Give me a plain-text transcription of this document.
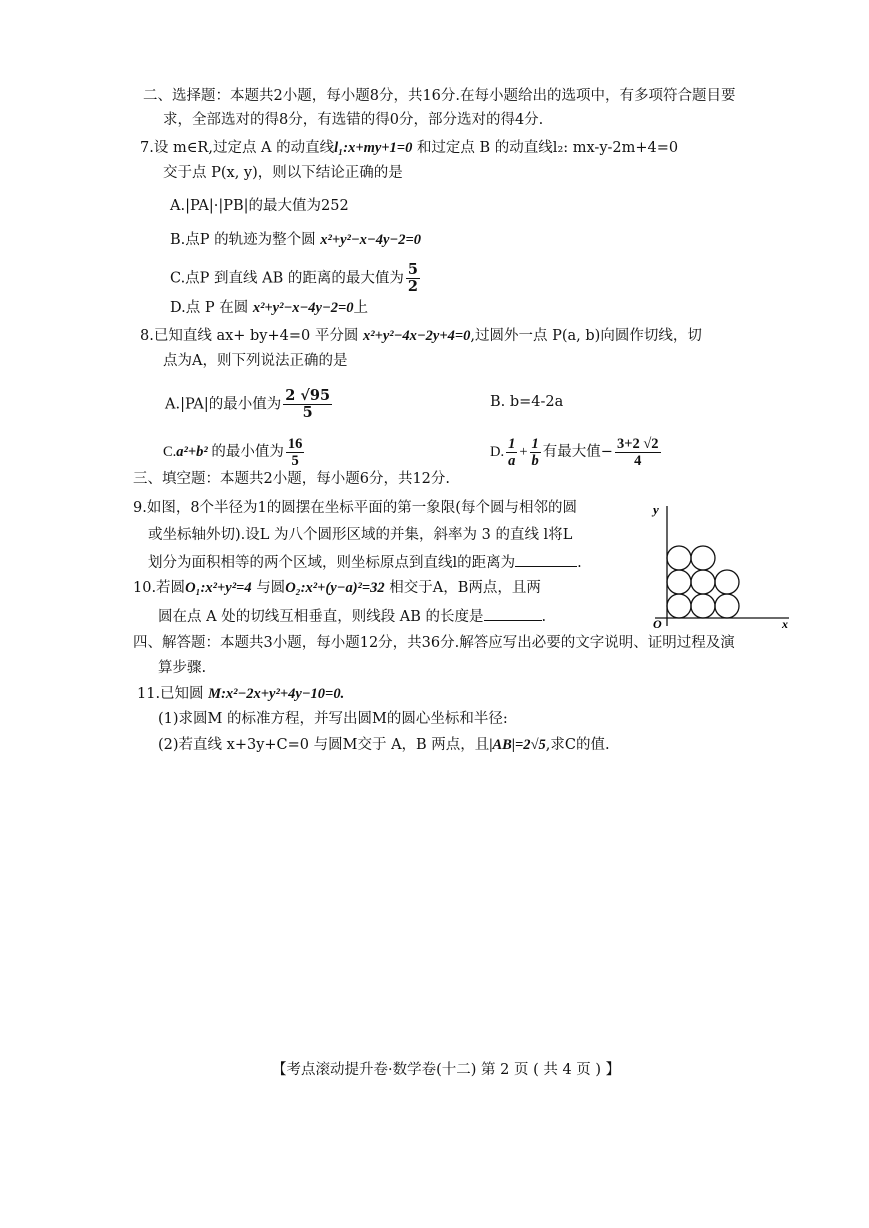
二、选择题：本题共2小题，每小题8分，共16分.在每小题给出的选项中，有多项符合题目要
求，全部选对的得8分，有选错的得0分，部分选对的得4分.
7.设 m∈R,过定点 A 的动直线l₁:x+my+1=0 和过定点 B 的动直线l₂: mx-y-2m+4=0
交于点 P(x, y)，则以下结论正确的是
A.|PA|·|PB|的最大值为252
B.点P 的轨迹为整个圆 x²+y²−x−4y−2=0
C.点P 到直线 AB 的距离的最大值为 $\frac{5}{2}$
D.点 P 在圆 x²+y²−x−4y−2=0上
8.已知直线 ax+ by+4=0 平分圆 x²+y²−4x−2y+4=0,过圆外一点 P(a, b)向圆作切线，切
点为A，则下列说法正确的是
A.|PA|的最小值为 $\frac{2 √95}{5}$	B. b=4-2a
C.a²+b² 的最小值为 $\frac{16}{5}$	D. $\frac{1}{a} + \frac{1}{b}$ 有最大值− $\frac{3+2 √2}{4}$
三、填空题：本题共2小题，每小题6分，共12分.
9.如图，8个半径为1的圆摆在坐标平面的第一象限(每个圆与相邻的圆
或坐标轴外切).设L 为八个圆形区域的并集，斜率为 3 的直线 l将L
划分为面积相等的两个区域，则坐标原点到直线l的距离为	.
10.若圆O₁:x²+y²=4 与圆O₂:x²+(y−a)²=32 相交于A，B两点，且两
圆在点 A 处的切线互相垂直，则线段 AB 的长度是	.
y
x
O
四、解答题：本题共3小题，每小题12分，共36分.解答应写出必要的文字说明、证明过程及演
算步骤.
11.已知圆 M:x²−2x+y²+4y−10=0.
(1)求圆M 的标准方程，并写出圆M的圆心坐标和半径:
(2)若直线 x+3y+C=0 与圆M交于 A，B 两点，且|AB|=2√5,求C的值.
【考点滚动提升卷·数学卷(十二) 第 2 页 ( 共 4 页 ) 】
